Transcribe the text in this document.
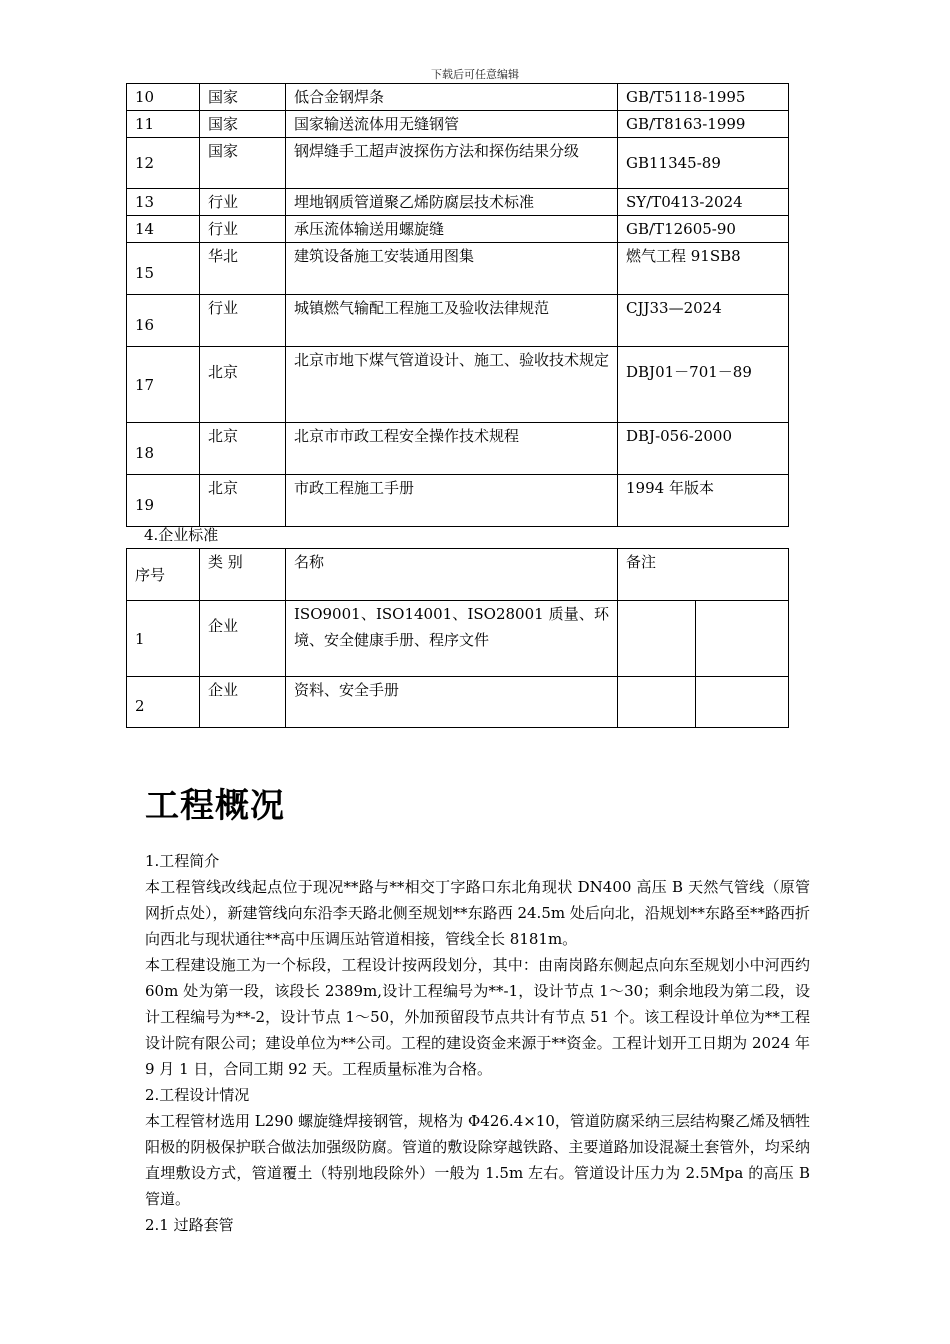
下载后可任意编辑
10	国家	低合金钢焊条	GB/T5118-1995

11	国家	国家输送流体用无缝钢管	GB/T8163-1999

12	国家	钢焊缝手工超声波探伤方法和探伤结果分级	GB11345-89

13	行业	埋地钢质管道聚乙烯防腐层技术标准	SY/T0413-2024

14	行业	承压流体输送用螺旋缝	GB/T12605-90

15	华北	建筑设备施工安装通用图集	燃气工程 91SB8

16	行业	城镇燃气输配工程施工及验收法律规范	CJJ33—2024

17	北京	北京市地下煤气管道设计、施工、验收技术规定	DBJ01－701－89

18	北京	北京市市政工程安全操作技术规程	DBJ-056-2000

19	北京	市政工程施工手册	1994 年版本
4.企业标准
序号	类 别	名称	备注	

1	企业	ISO9001、ISO14001、ISO28001 质量、环境、安全健康手册、程序文件		

2	企业	资料、安全手册		

工程概况

1.工程简介

本工程管线改线起点位于现况**路与**相交丁字路口东北角现状 DN400 高压 B 天然气管线（原管网折点处），新建管线向东沿李天路北侧至规划**东路西 24.5m 处后向北，沿规划**东路至**路西折向西北与现状通往**高中压调压站管道相接，管线全长 8181m。

本工程建设施工为一个标段，工程设计按两段划分，其中：由南岗路东侧起点向东至规划小中河西约 60m 处为第一段，该段长 2389m,设计工程编号为**-1，设计节点 1～30；剩余地段为第二段，设计工程编号为**-2，设计节点 1～50，外加预留段节点共计有节点 51 个。该工程设计单位为**工程设计院有限公司；建设单位为**公司。工程的建设资金来源于**资金。工程计划开工日期为 2024 年 9 月 1 日，合同工期 92 天。工程质量标准为合格。

2.工程设计情况

本工程管材选用 L290 螺旋缝焊接钢管，规格为 Φ426.4×10，管道防腐采纳三层结构聚乙烯及牺牲阳极的阴极保护联合做法加强级防腐。管道的敷设除穿越铁路、主要道路加设混凝土套管外，均采纳直埋敷设方式，管道覆土（特别地段除外）一般为 1.5m 左右。管道设计压力为 2.5Mpa 的高压 B 管道。

2.1 过路套管
